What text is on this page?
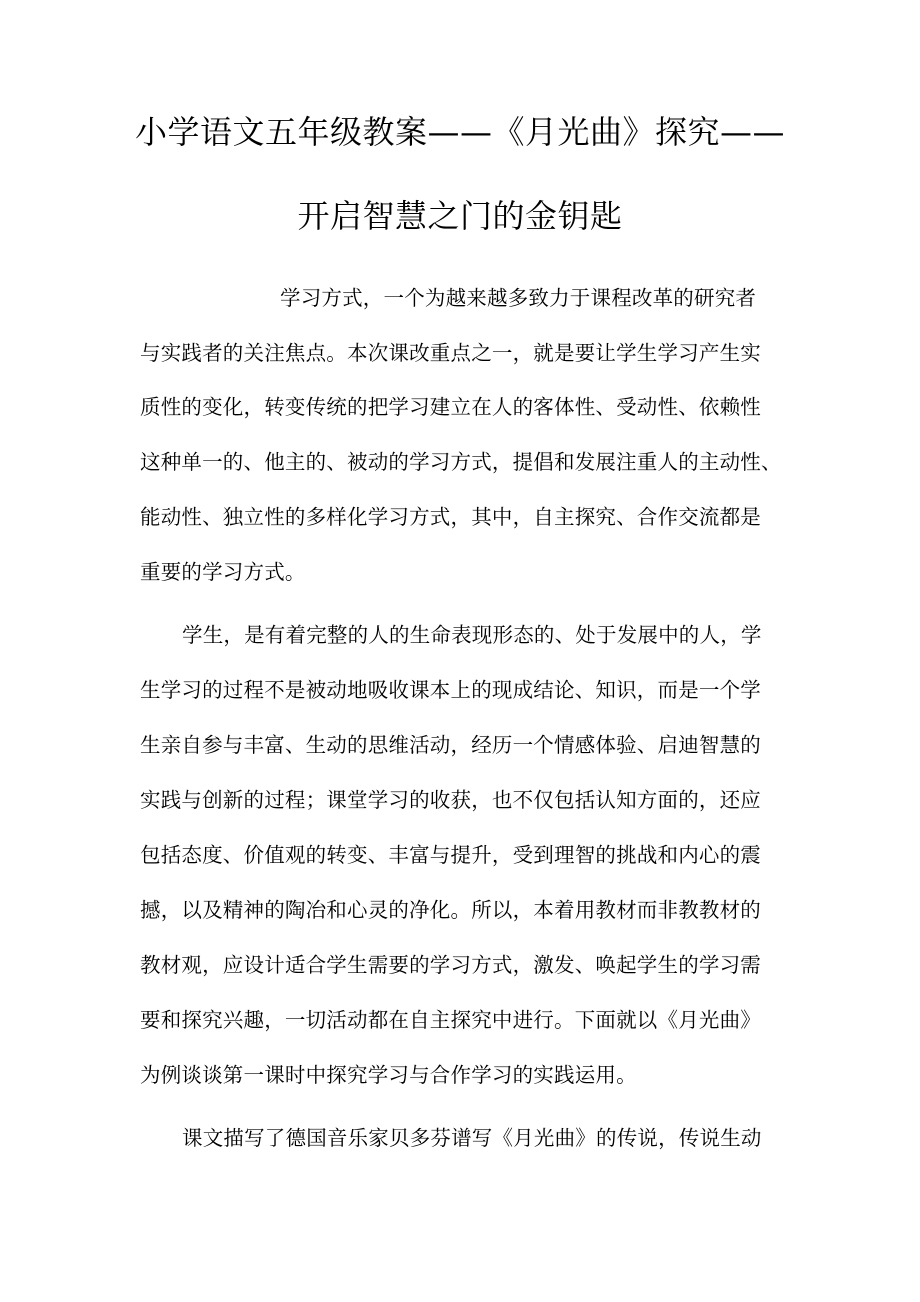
小学语文五年级教案——《月光曲》探究——
开启智慧之门的金钥匙
学习方式，一个为越来越多致力于课程改革的研究者
与实践者的关注焦点。本次课改重点之一，就是要让学生学习产生实
质性的变化，转变传统的把学习建立在人的客体性、受动性、依赖性
这种单一的、他主的、被动的学习方式，提倡和发展注重人的主动性、
能动性、独立性的多样化学习方式，其中，自主探究、合作交流都是
重要的学习方式。
学生，是有着完整的人的生命表现形态的、处于发展中的人，学
生学习的过程不是被动地吸收课本上的现成结论、知识，而是一个学
生亲自参与丰富、生动的思维活动，经历一个情感体验、启迪智慧的
实践与创新的过程；课堂学习的收获，也不仅包括认知方面的，还应
包括态度、价值观的转变、丰富与提升，受到理智的挑战和内心的震
撼，以及精神的陶冶和心灵的净化。所以，本着用教材而非教教材的
教材观，应设计适合学生需要的学习方式，激发、唤起学生的学习需
要和探究兴趣，一切活动都在自主探究中进行。下面就以《月光曲》
为例谈谈第一课时中探究学习与合作学习的实践运用。
课文描写了德国音乐家贝多芬谱写《月光曲》的传说，传说生动
